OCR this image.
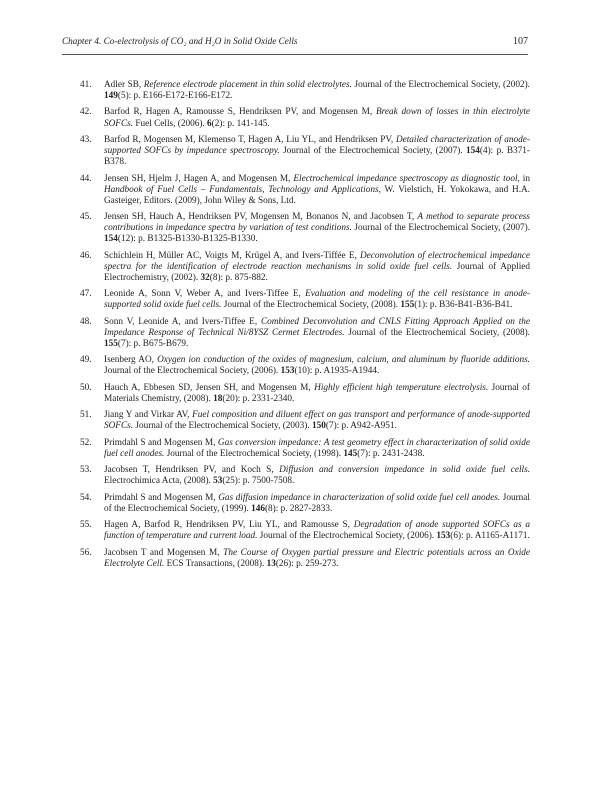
Chapter 4. Co-electrolysis of CO₂ and H₂O in Solid Oxide Cells	107
41. Adler SB, Reference electrode placement in thin solid electrolytes. Journal of the Electrochemical Society, (2002). 149(5): p. E166-E172-E166-E172.
42. Barfod R, Hagen A, Ramousse S, Hendriksen PV, and Mogensen M, Break down of losses in thin electrolyte SOFCs. Fuel Cells, (2006). 6(2): p. 141-145.
43. Barfod R, Mogensen M, Klemenso T, Hagen A, Liu YL, and Hendriksen PV, Detailed characterization of anode-supported SOFCs by impedance spectroscopy. Journal of the Electrochemical Society, (2007). 154(4): p. B371-B378.
44. Jensen SH, Hjelm J, Hagen A, and Mogensen M, Electrochemical impedance spectroscopy as diagnostic tool, in Handbook of Fuel Cells – Fundamentals, Technology and Applications, W. Vielstich, H. Yokokawa, and H.A. Gasteiger, Editors. (2009), John Wiley & Sons, Ltd.
45. Jensen SH, Hauch A, Hendriksen PV, Mogensen M, Bonanos N, and Jacobsen T, A method to separate process contributions in impedance spectra by variation of test conditions. Journal of the Electrochemical Society, (2007). 154(12): p. B1325-B1330-B1325-B1330.
46. Schichlein H, Müller AC, Voigts M, Krügel A, and Ivers-Tiffée E, Deconvolution of electrochemical impedance spectra for the identification of electrode reaction mechanisms in solid oxide fuel cells. Journal of Applied Electrochemistry, (2002). 32(8): p. 875-882.
47. Leonide A, Sonn V, Weber A, and Ivers-Tiffee E, Evaluation and modeling of the cell resistance in anode-supported solid oxide fuel cells. Journal of the Electrochemical Society, (2008). 155(1): p. B36-B41-B36-B41.
48. Sonn V, Leonide A, and Ivers-Tiffee E, Combined Deconvolution and CNLS Fitting Approach Applied on the Impedance Response of Technical Ni/8YSZ Cermet Electrodes. Journal of the Electrochemical Society, (2008). 155(7): p. B675-B679.
49. Isenberg AO, Oxygen ion conduction of the oxides of magnesium, calcium, and aluminum by fluoride additions. Journal of the Electrochemical Society, (2006). 153(10): p. A1935-A1944.
50. Hauch A, Ebbesen SD, Jensen SH, and Mogensen M, Highly efficient high temperature electrolysis. Journal of Materials Chemistry, (2008). 18(20): p. 2331-2340.
51. Jiang Y and Virkar AV, Fuel composition and diluent effect on gas transport and performance of anode-supported SOFCs. Journal of the Electrochemical Society, (2003). 150(7): p. A942-A951.
52. Primdahl S and Mogensen M, Gas conversion impedance: A test geometry effect in characterization of solid oxide fuel cell anodes. Journal of the Electrochemical Society, (1998). 145(7): p. 2431-2438.
53. Jacobsen T, Hendriksen PV, and Koch S, Diffusion and conversion impedance in solid oxide fuel cells. Electrochimica Acta, (2008). 53(25): p. 7500-7508.
54. Primdahl S and Mogensen M, Gas diffusion impedance in characterization of solid oxide fuel cell anodes. Journal of the Electrochemical Society, (1999). 146(8): p. 2827-2833.
55. Hagen A, Barfod R, Hendriksen PV, Liu YL, and Ramousse S, Degradation of anode supported SOFCs as a function of temperature and current load. Journal of the Electrochemical Society, (2006). 153(6): p. A1165-A1171.
56. Jacobsen T and Mogensen M, The Course of Oxygen partial pressure and Electric potentials across an Oxide Electrolyte Cell. ECS Transactions, (2008). 13(26): p. 259-273.
